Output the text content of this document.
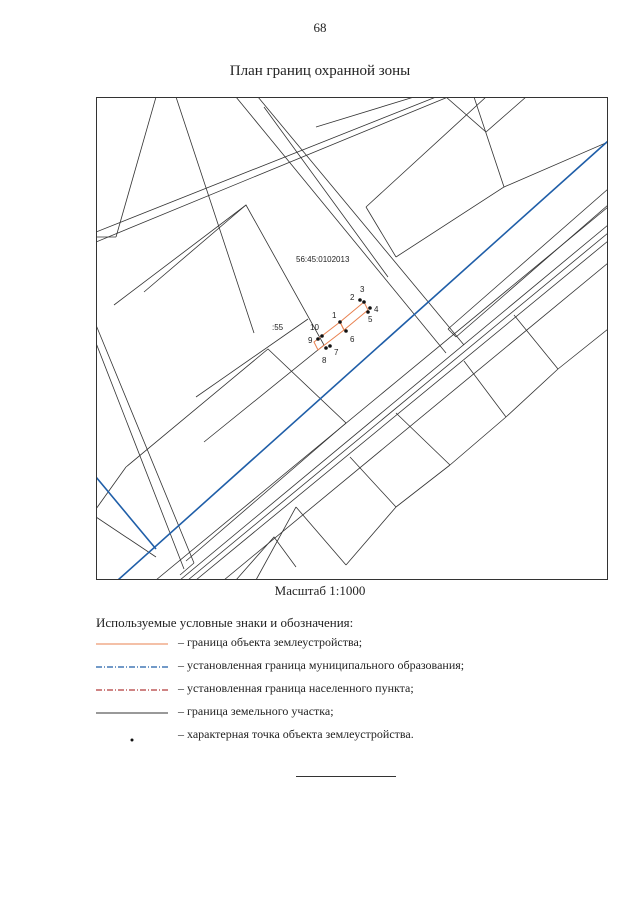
68
План границ охранной зоны
56:45:0102013
:55
1
2
3
4
5
6
7
8
9
10
Масштаб 1:1000
Используемые условные знаки и обозначения:
– граница объекта землеустройства;
– установленная граница муниципального образования;
– установленная граница населенного пункта;
– граница земельного участка;
– характерная точка объекта землеустройства.
